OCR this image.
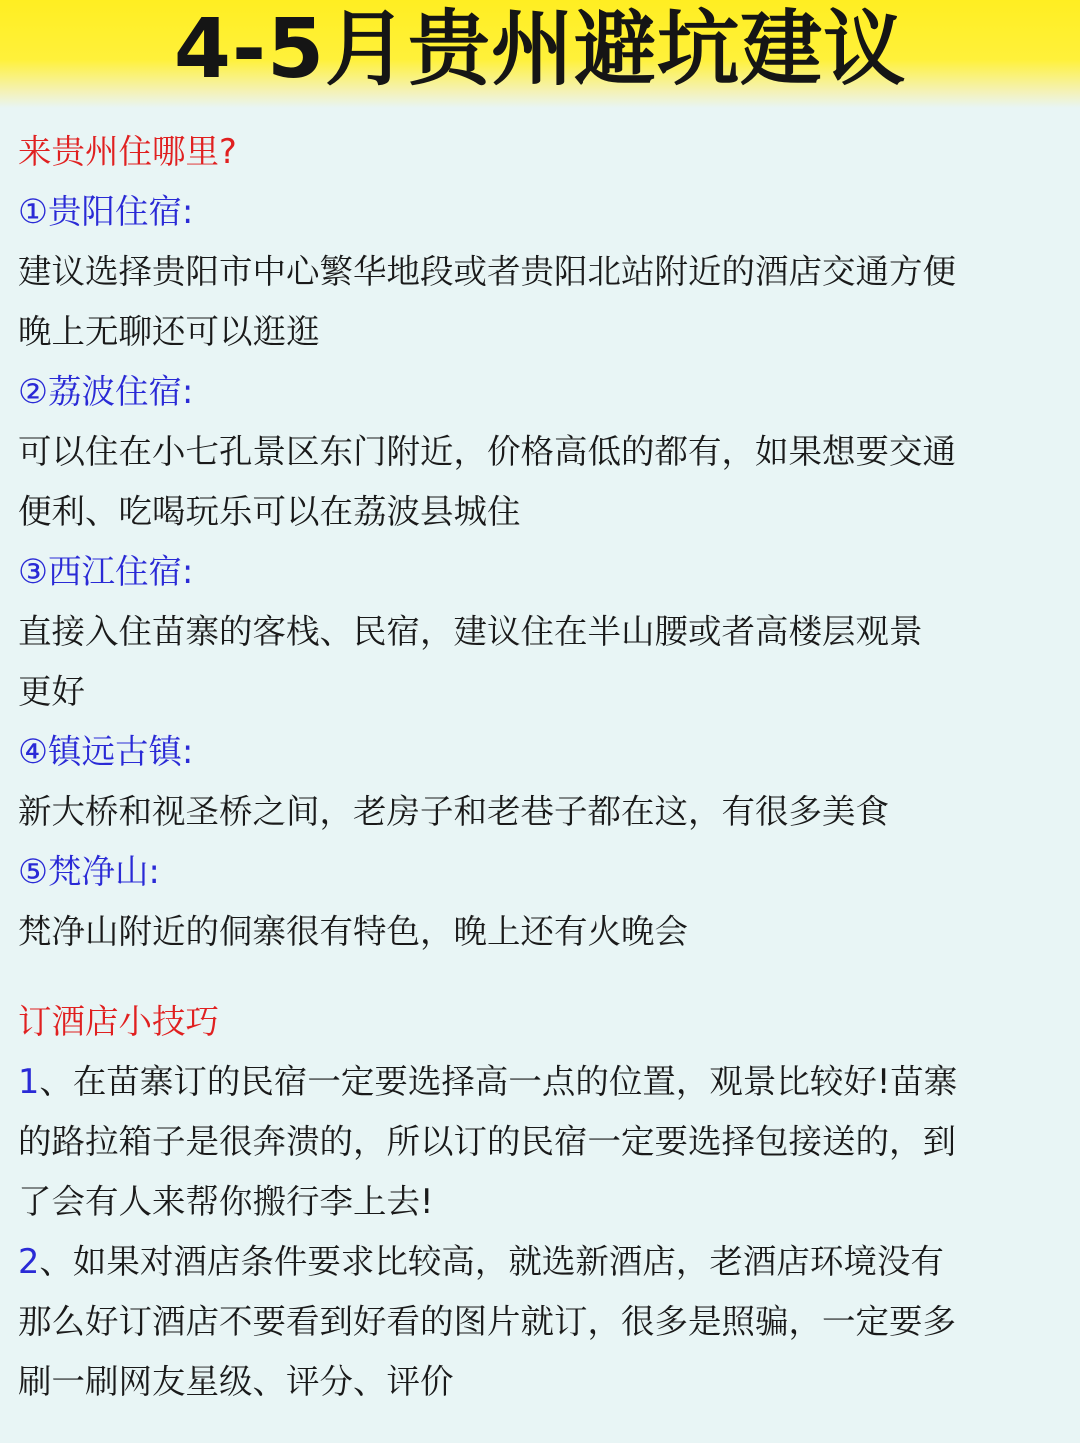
4-5月贵州避坑建议
来贵州住哪里?
①贵阳住宿:
建议选择贵阳市中心繁华地段或者贵阳北站附近的酒店交通方便
晚上无聊还可以逛逛
②荔波住宿:
可以住在小七孔景区东门附近，价格高低的都有，如果想要交通
便利、吃喝玩乐可以在荔波县城住
③西江住宿:
直接入住苗寨的客栈、民宿，建议住在半山腰或者高楼层观景
更好
④镇远古镇:
新大桥和视圣桥之间，老房子和老巷子都在这，有很多美食
⑤梵净山:
梵净山附近的侗寨很有特色，晚上还有火晚会
订酒店小技巧
1、在苗寨订的民宿一定要选择高一点的位置，观景比较好!苗寨
的路拉箱子是很奔溃的，所以订的民宿一定要选择包接送的，到
了会有人来帮你搬行李上去!
2、如果对酒店条件要求比较高，就选新酒店，老酒店环境没有
那么好订酒店不要看到好看的图片就订，很多是照骗，一定要多
刷一刷网友星级、评分、评价
